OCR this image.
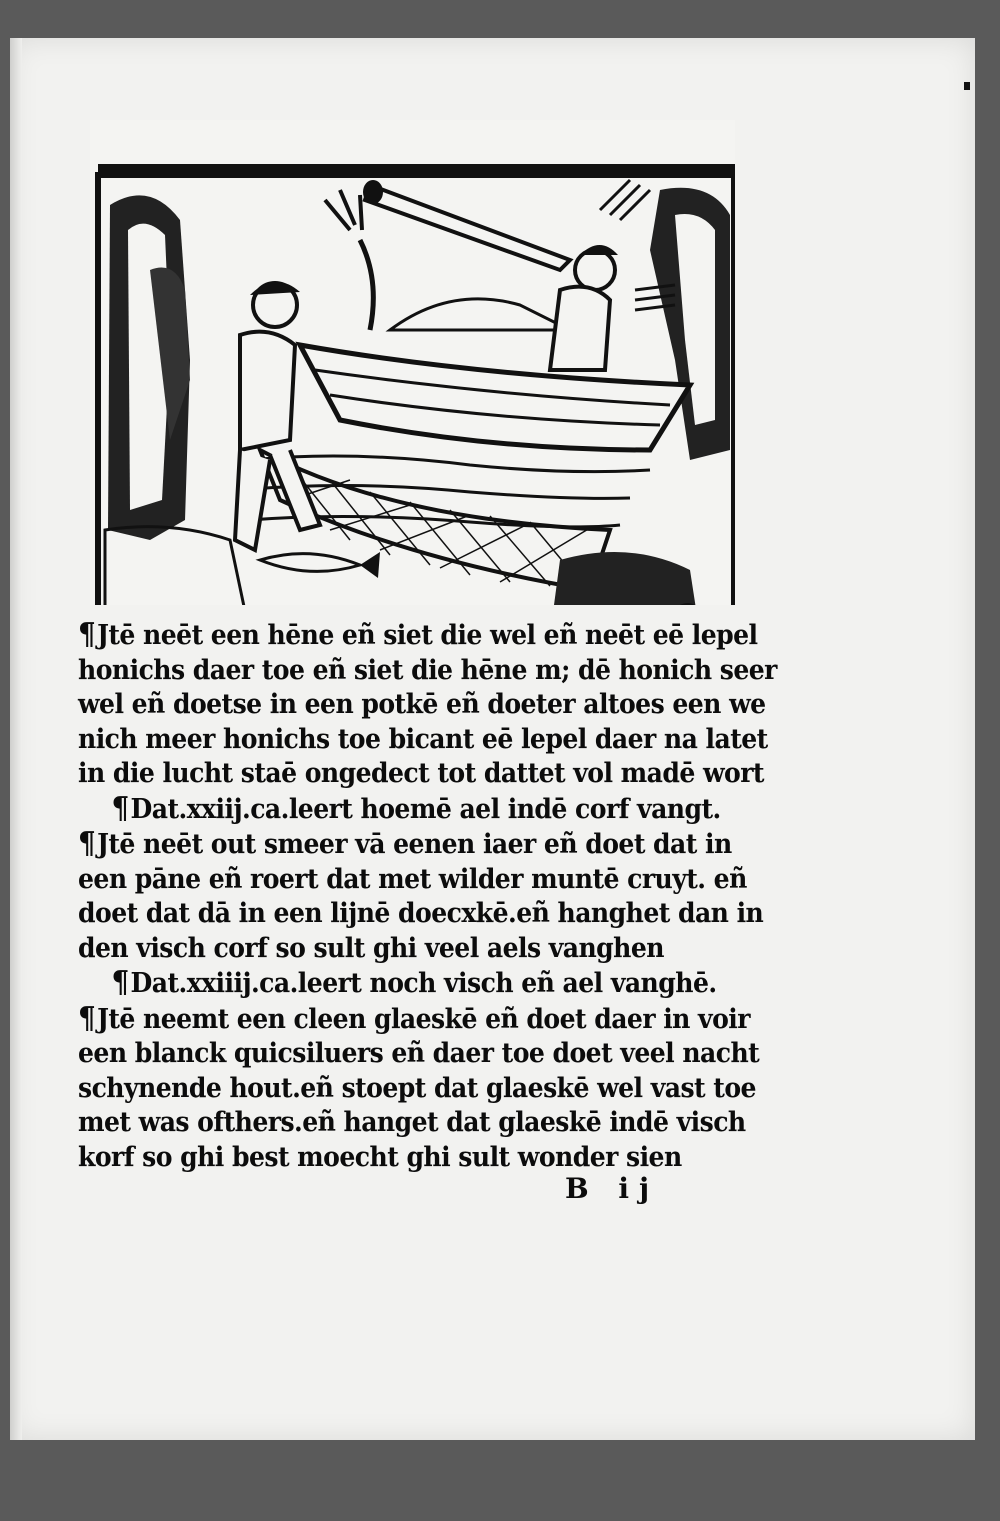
¶Jtē neēt een hēne eñ siet die wel eñ neēt eē lepel
honichs daer toe eñ siet die hēne m; dē honich seer
wel eñ doetse in een potkē eñ doeter altoes een we
nich meer honichs toe bicant eē lepel daer na latet
in die lucht staē ongedect tot dattet vol madē wort
¶Dat.xxiij.ca.leert hoemē ael indē corf vangt.
¶Jtē neēt out smeer vā eenen iaer eñ doet dat in
een pāne eñ roert dat met wilder muntē cruyt. eñ
doet dat dā in een lijnē doecxkē.eñ hanghet dan in
den visch corf so sult ghi veel aels vanghen
¶Dat.xxiiij.ca.leert noch visch eñ ael vanghē.
¶Jtē neemt een cleen glaeskē eñ doet daer in voir
een blanck quicsiluers eñ daer toe doet veel nacht
schynende hout.eñ stoept dat glaeskē wel vast toe
met was ofthers.eñ hanget dat glaeskē indē visch
korf so ghi best moecht ghi sult wonder sien
B ij
